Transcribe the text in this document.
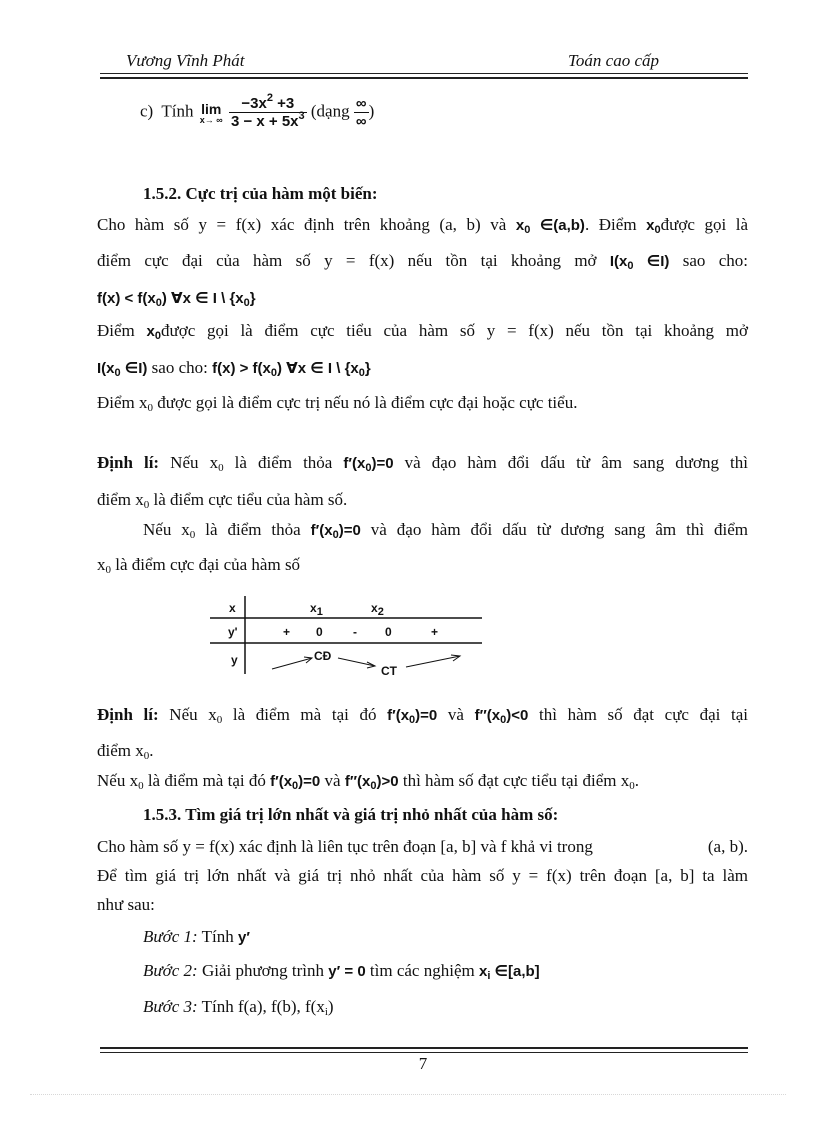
Vương Vĩnh Phát	Toán cao cấp
c) Tính lim
x→ ∞
$\frac{-3x^2 +3}{3 - x + 5x^3}$ (dạng $\frac{\infty}{\infty}$ )
1.5.2. Cực trị của hàm một biến:
Cho hàm số y = f(x) xác định trên khoảng (a, b) và $x_0$ ∈(a,b). Điểm $x_0được$ gọi là
điểm cực đại của hàm số y = f(x) nếu tồn tại khoảng mở $I(x_0$ ∈I) sao cho:
$f(x) < f(x_0)$ ∀x ∈ I \ $\{x_0\}$
Điểm $x_0được$ gọi là điểm cực tiểu của hàm số y = f(x) nếu tồn tại khoảng mở
$I(x_0$ ∈I) sao cho: $f(x) > f(x_0)$ ∀x ∈ I \ $\{x_0\}$
Điểm $x_0$ được gọi là điểm cực trị nếu nó là điểm cực đại hoặc cực tiểu.
Định lí: Nếu $x_0$ là điểm thỏa $f'(x_0)=0$ và đạo hàm đổi dấu từ âm sang dương thì
điểm $x_0$ là điểm cực tiểu của hàm số.
Nếu $x_0$ là điểm thỏa $f'(x_0)=0$ và đạo hàm đổi dấu từ dương sang âm thì điểm
$x_0$ là điểm cực đại của hàm số
x	$x_1$	$x_2$
y'	+ 0	- 0	+
y	CĐ
CT
Định lí: Nếu $x_0$ là điểm mà tại đó $f'(x_0)=0$ và $f''(x_0)<0$ thì hàm số đạt cực đại tại
điểm $x_0$.
Nếu $x_0$ là điểm mà tại đó $f'(x_0)=0$ và $f''(x_0)>0$ thì hàm số đạt cực tiểu tại điểm $x_0$.
1.5.3. Tìm giá trị lớn nhất và giá trị nhỏ nhất của hàm số:
Cho hàm số y = f(x) xác định là liên tục trên đoạn [a, b] và f khả vi trong	(a, b).
Để tìm giá trị lớn nhất và giá trị nhỏ nhất của hàm số y = f(x) trên đoạn [a, b] ta làm
như sau:
Bước 1: Tính y′
Bước 2: Giải phương trình y′ = 0 tìm các nghiệm $x_i$ ∈[a,b]
Bước 3: Tính f(a), f(b), $f(x_i)$
7
